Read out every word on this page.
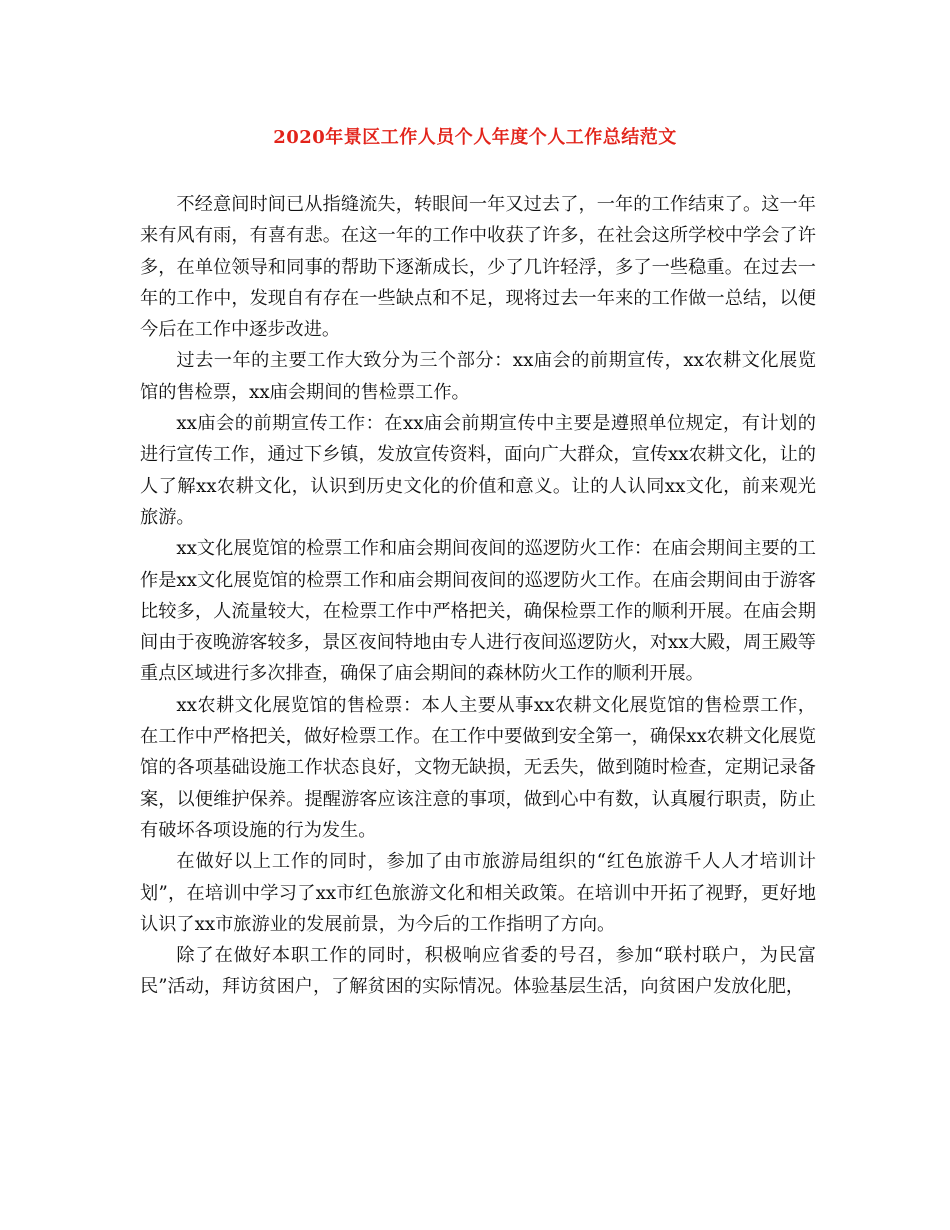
2020年景区工作人员个人年度个人工作总结范文

不经意间时间已从指缝流失，转眼间一年又过去了，一年的工作结束了。这一年来有风有雨，有喜有悲。在这一年的工作中收获了许多，在社会这所学校中学会了许多，在单位领导和同事的帮助下逐渐成长，少了几许轻浮，多了一些稳重。在过去一年的工作中，发现自有存在一些缺点和不足，现将过去一年来的工作做一总结，以便今后在工作中逐步改进。

过去一年的主要工作大致分为三个部分：xx庙会的前期宣传，xx农耕文化展览馆的售检票，xx庙会期间的售检票工作。

xx庙会的前期宣传工作：在xx庙会前期宣传中主要是遵照单位规定，有计划的进行宣传工作，通过下乡镇，发放宣传资料，面向广大群众，宣传xx农耕文化，让的人了解xx农耕文化，认识到历史文化的价值和意义。让的人认同xx文化，前来观光旅游。

xx文化展览馆的检票工作和庙会期间夜间的巡逻防火工作：在庙会期间主要的工作是xx文化展览馆的检票工作和庙会期间夜间的巡逻防火工作。在庙会期间由于游客比较多，人流量较大，在检票工作中严格把关，确保检票工作的顺利开展。在庙会期间由于夜晚游客较多，景区夜间特地由专人进行夜间巡逻防火，对xx大殿，周王殿等重点区域进行多次排查，确保了庙会期间的森林防火工作的顺利开展。

xx农耕文化展览馆的售检票：本人主要从事xx农耕文化展览馆的售检票工作，在工作中严格把关，做好检票工作。在工作中要做到安全第一，确保xx农耕文化展览馆的各项基础设施工作状态良好，文物无缺损，无丢失，做到随时检查，定期记录备案，以便维护保养。提醒游客应该注意的事项，做到心中有数，认真履行职责，防止有破坏各项设施的行为发生。

在做好以上工作的同时，参加了由市旅游局组织的“红色旅游千人人才培训计划”，在培训中学习了xx市红色旅游文化和相关政策。在培训中开拓了视野，更好地认识了xx市旅游业的发展前景，为今后的工作指明了方向。

除了在做好本职工作的同时，积极响应省委的号召，参加“联村联户，为民富民”活动，拜访贫困户，了解贫困的实际情况。体验基层生活，向贫困户发放化肥，
